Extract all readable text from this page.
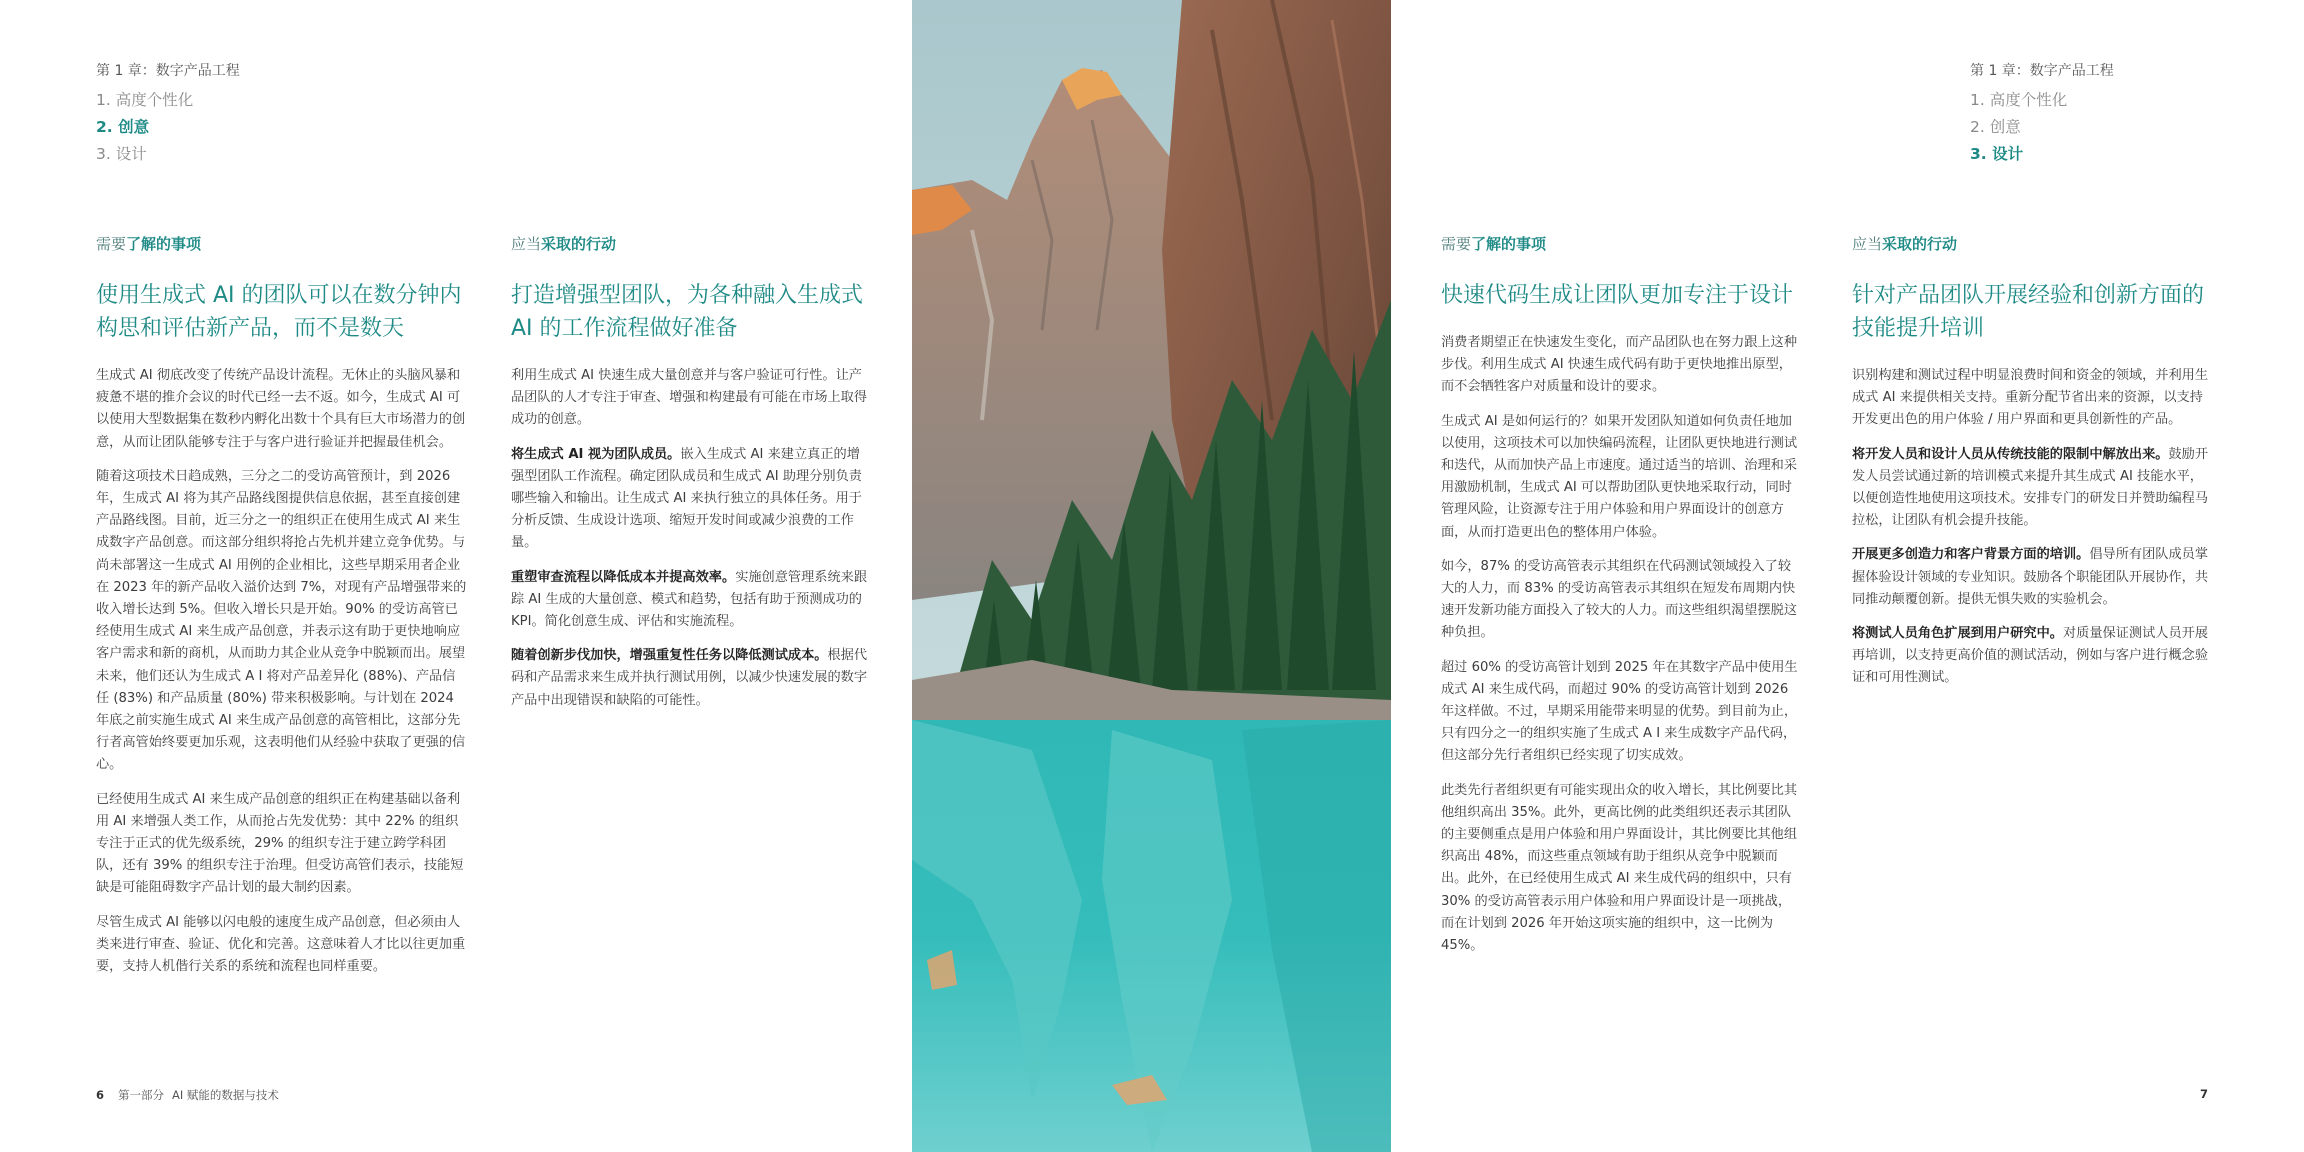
第 1 章：数字产品工程
1. 高度个性化
2. 创意
3. 设计
第 1 章：数字产品工程
1. 高度个性化
2. 创意
3. 设计
需要了解的事项
使用生成式 AI 的团队可以在数分钟内构思和评估新产品，而不是数天

生成式 AI 彻底改变了传统产品设计流程。无休止的头脑风暴和疲惫不堪的推介会议的时代已经一去不返。如今，生成式 AI 可以使用大型数据集在数秒内孵化出数十个具有巨大市场潜力的创意，从而让团队能够专注于与客户进行验证并把握最佳机会。

随着这项技术日趋成熟，三分之二的受访高管预计，到 2026 年，生成式 AI 将为其产品路线图提供信息依据，甚至直接创建产品路线图。目前，近三分之一的组织正在使用生成式 AI 来生成数字产品创意。而这部分组织将抢占先机并建立竞争优势。与尚未部署这一生成式 AI 用例的企业相比，这些早期采用者企业在 2023 年的新产品收入溢价达到 7%，对现有产品增强带来的收入增长达到 5%。但收入增长只是开始。90% 的受访高管已经使用生成式 AI 来生成产品创意，并表示这有助于更快地响应客户需求和新的商机，从而助力其企业从竞争中脱颖而出。展望未来，他们还认为生成式 A I 将对产品差异化 (88%)、产品信任 (83%) 和产品质量 (80%) 带来积极影响。与计划在 2024 年底之前实施生成式 AI 来生成产品创意的高管相比，这部分先行者高管始终要更加乐观，这表明他们从经验中获取了更强的信心。

已经使用生成式 AI 来生成产品创意的组织正在构建基础以备利用 AI 来增强人类工作，从而抢占先发优势：其中 22% 的组织专注于正式的优先级系统，29% 的组织专注于建立跨学科团队，还有 39% 的组织专注于治理。但受访高管们表示，技能短缺是可能阻碍数字产品计划的最大制约因素。

尽管生成式 AI 能够以闪电般的速度生成产品创意，但必须由人类来进行审查、验证、优化和完善。这意味着人才比以往更加重要，支持人机偕行关系的系统和流程也同样重要。

应当采取的行动
打造增强型团队，为各种融入生成式 AI 的工作流程做好准备

利用生成式 AI 快速生成大量创意并与客户验证可行性。让产品团队的人才专注于审查、增强和构建最有可能在市场上取得成功的创意。

将生成式 AI 视为团队成员。嵌入生成式 AI 来建立真正的增强型团队工作流程。确定团队成员和生成式 AI 助理分别负责哪些输入和输出。让生成式 AI 来执行独立的具体任务。用于分析反馈、生成设计选项、缩短开发时间或减少浪费的工作量。

重塑审查流程以降低成本并提高效率。实施创意管理系统来跟踪 AI 生成的大量创意、模式和趋势，包括有助于预测成功的 KPI。简化创意生成、评估和实施流程。

随着创新步伐加快，增强重复性任务以降低测试成本。根据代码和产品需求来生成并执行测试用例，以减少快速发展的数字产品中出现错误和缺陷的可能性。

需要了解的事项
快速代码生成让团队更加专注于设计

消费者期望正在快速发生变化，而产品团队也在努力跟上这种步伐。利用生成式 AI 快速生成代码有助于更快地推出原型，而不会牺牲客户对质量和设计的要求。

生成式 AI 是如何运行的？如果开发团队知道如何负责任地加以使用，这项技术可以加快编码流程，让团队更快地进行测试和迭代，从而加快产品上市速度。通过适当的培训、治理和采用激励机制，生成式 AI 可以帮助团队更快地采取行动，同时管理风险，让资源专注于用户体验和用户界面设计的创意方面，从而打造更出色的整体用户体验。

如今，87% 的受访高管表示其组织在代码测试领域投入了较大的人力，而 83% 的受访高管表示其组织在短发布周期内快速开发新功能方面投入了较大的人力。而这些组织渴望摆脱这种负担。

超过 60% 的受访高管计划到 2025 年在其数字产品中使用生成式 AI 来生成代码，而超过 90% 的受访高管计划到 2026 年这样做。不过，早期采用能带来明显的优势。到目前为止，只有四分之一的组织实施了生成式 A I 来生成数字产品代码，但这部分先行者组织已经实现了切实成效。

此类先行者组织更有可能实现出众的收入增长，其比例要比其他组织高出 35%。此外，更高比例的此类组织还表示其团队的主要侧重点是用户体验和用户界面设计，其比例要比其他组织高出 48%，而这些重点领域有助于组织从竞争中脱颖而出。此外，在已经使用生成式 AI 来生成代码的组织中，只有 30% 的受访高管表示用户体验和用户界面设计是一项挑战，而在计划到 2026 年开始这项实施的组织中，这一比例为 45%。

应当采取的行动
针对产品团队开展经验和创新方面的技能提升培训

识别构建和测试过程中明显浪费时间和资金的领域，并利用生成式 AI 来提供相关支持。重新分配节省出来的资源，以支持开发更出色的用户体验 / 用户界面和更具创新性的产品。

将开发人员和设计人员从传统技能的限制中解放出来。鼓励开发人员尝试通过新的培训模式来提升其生成式 AI 技能水平，以便创造性地使用这项技术。安排专门的研发日并赞助编程马拉松，让团队有机会提升技能。

开展更多创造力和客户背景方面的培训。倡导所有团队成员掌握体验设计领域的专业知识。鼓励各个职能团队开展协作，共同推动颠覆创新。提供无惧失败的实验机会。

将测试人员角色扩展到用户研究中。对质量保证测试人员开展再培训，以支持更高价值的测试活动，例如与客户进行概念验证和可用性测试。

6 第一部分 AI 赋能的数据与技术	7
